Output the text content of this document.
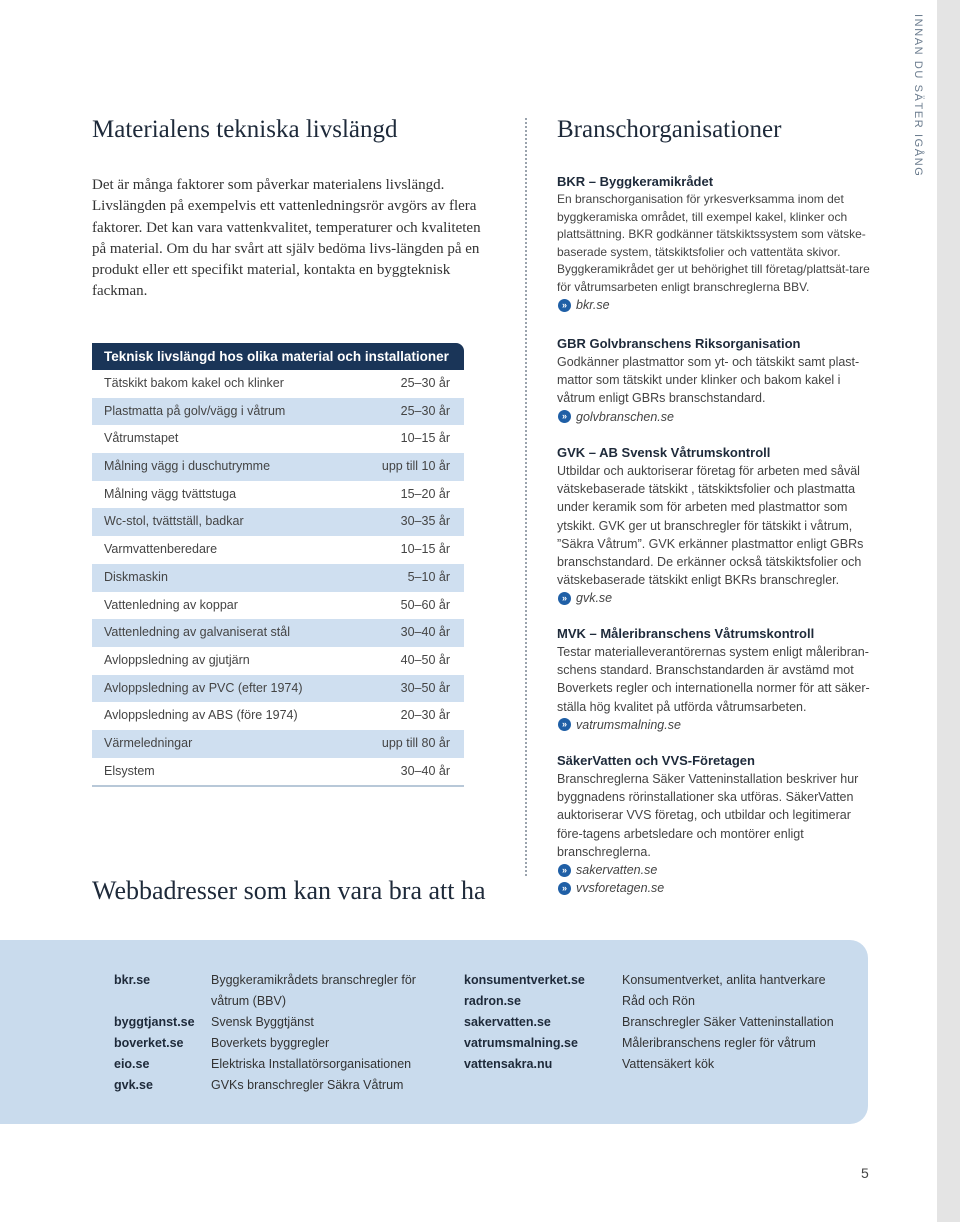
INNAN DU SÄTER IGÅNG
Materialens tekniska livslängd

Det är många faktorer som påverkar materialens livslängd. Livslängden på exempelvis ett vattenledningsrör avgörs av flera faktorer. Det kan vara vattenkvalitet, temperaturer och kvaliteten på material. Om du har svårt att själv bedöma livs-längden på en produkt eller ett specifikt material, kontakta en byggteknisk fackman.

Teknisk livslängd hos olika material och installationer
Tätskikt bakom kakel och klinker	25–30 år
Plastmatta på golv/vägg i våtrum	25–30 år
Våtrumstapet	10–15 år
Målning vägg i duschutrymme	upp till 10 år
Målning vägg tvättstuga	15–20 år
Wc-stol, tvättställ, badkar	30–35 år
Varmvattenberedare	10–15 år
Diskmaskin	5–10 år
Vattenledning av koppar	50–60 år
Vattenledning av galvaniserat stål	30–40 år
Avloppsledning av gjutjärn	40–50 år
Avloppsledning av PVC (efter 1974)	30–50 år
Avloppsledning av ABS (före 1974)	20–30 år
Värmeledningar	upp till 80 år
Elsystem	30–40 år
Webbadresser som kan vara bra att ha
Branschorganisationer

BKR – Byggkeramikrådet

En branschorganisation för yrkesverksamma inom det byggkeramiska området, till exempel kakel, klinker och plattsättning. BKR godkänner tätskiktssystem som vätske-baserade system, tätskiktsfolier och vattentäta skivor. Byggkeramikrådet ger ut behörighet till företag/plattsät-tare för våtrumsarbeten enligt branschreglerna BBV.

» bkr.se

GBR Golvbranschens Riksorganisation

Godkänner plastmattor som yt- och tätskikt samt plast-mattor som tätskikt under klinker och bakom kakel i våtrum enligt GBRs branschstandard.

» golvbranschen.se

GVK – AB Svensk Våtrumskontroll

Utbildar och auktoriserar företag för arbeten med såväl vätskebaserade tätskikt , tätskiktsfolier och plastmatta under keramik som för arbeten med plastmattor som ytskikt. GVK ger ut branschregler för tätskikt i våtrum, ”Säkra Våtrum”. GVK erkänner plastmattor enligt GBRs branschstandard. De erkänner också tätskiktsfolier och vätskebaserade tätskikt enligt BKRs branschregler.

» gvk.se

MVK – Måleribranschens Våtrumskontroll

Testar materialleverantörernas system enligt måleribran-schens standard. Branschstandarden är avstämd mot Boverkets regler och internationella normer för att säker-ställa hög kvalitet på utförda våtrumsarbeten.

» vatrumsmalning.se

SäkerVatten och VVS-Företagen

Branschreglerna Säker Vatteninstallation beskriver hur byggnadens rörinstallationer ska utföras. SäkerVatten auktoriserar VVS företag, och utbildar och legitimerar före-tagens arbetsledare och montörer enligt branschreglerna.

» sakervatten.se
» vvsforetagen.se
bkr.se	Byggkeramikrådets branschregler för våtrum (BBV)
byggtjanst.se	Svensk Byggtjänst
boverket.se	Boverkets byggregler
eio.se	Elektriska Installatörsorganisationen
gvk.se	GVKs branschregler Säkra Våtrum
konsumentverket.se	Konsumentverket, anlita hantverkare
radron.se	Råd och Rön
sakervatten.se	Branschregler Säker Vatteninstallation
vatrumsmalning.se	Måleribranschens regler för våtrum
vattensakra.nu	Vattensäkert kök
5
